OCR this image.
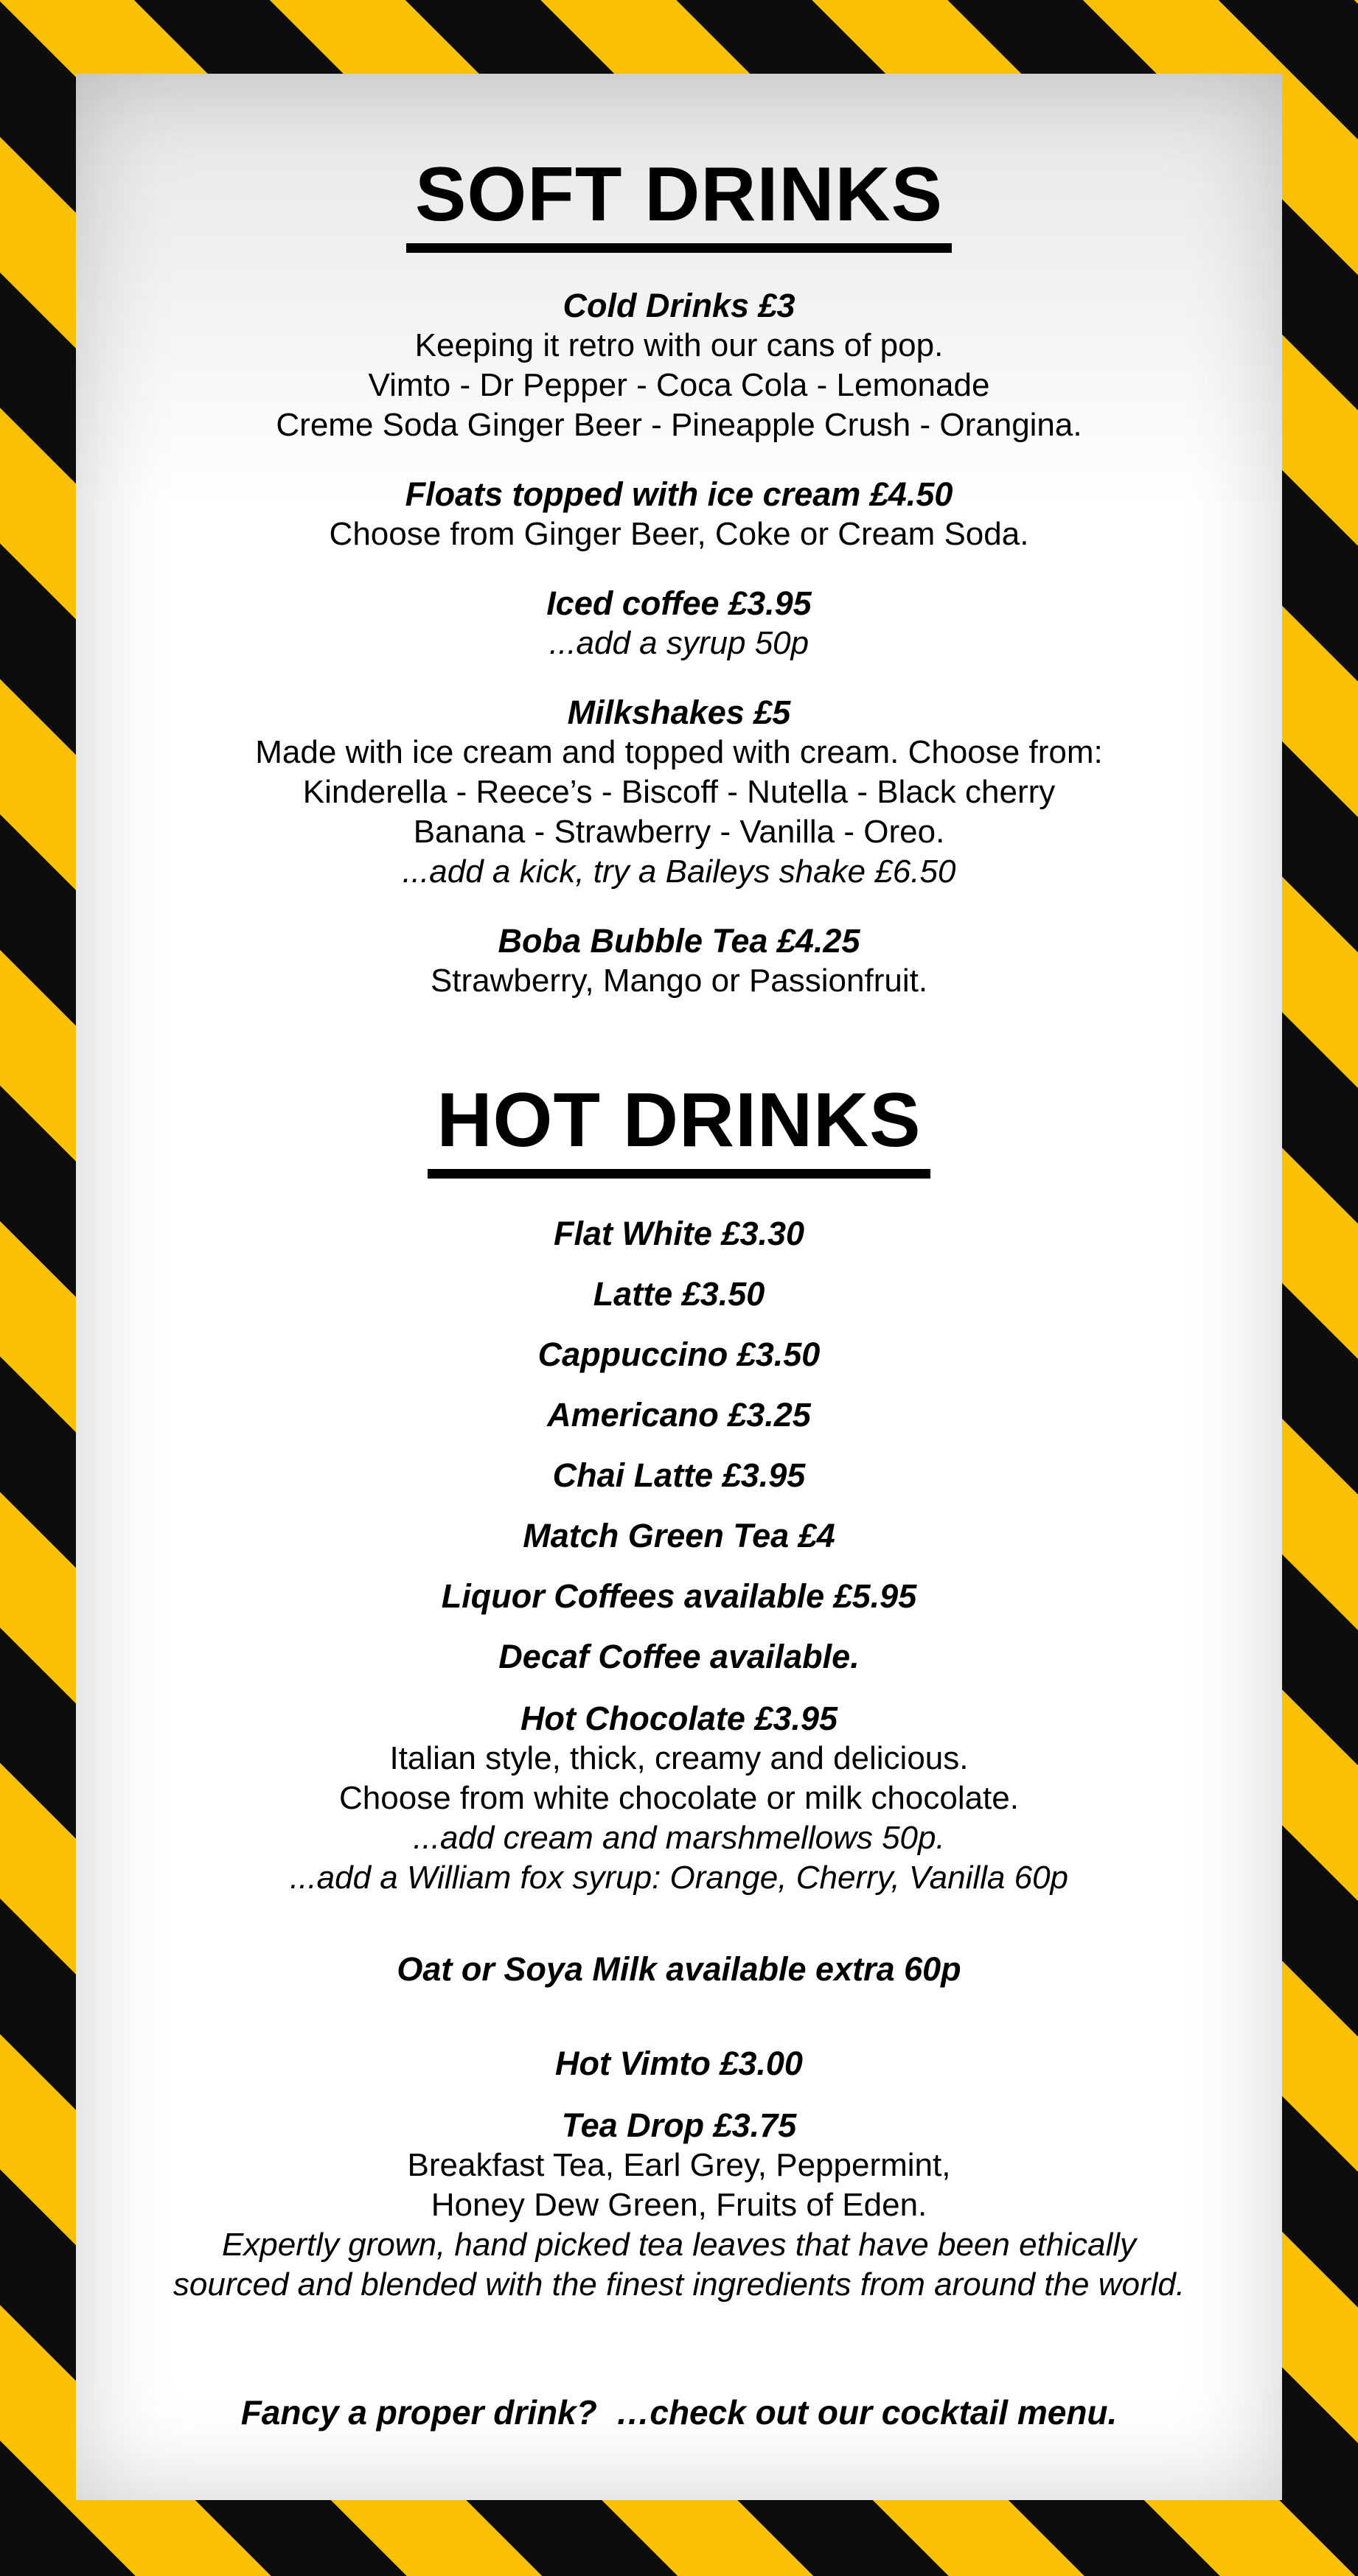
SOFT DRINKS
Cold Drinks £3

Keeping it retro with our cans of pop.

Vimto - Dr Pepper - Coca Cola - Lemonade

Creme Soda Ginger Beer - Pineapple Crush - Orangina.

Floats topped with ice cream £4.50

Choose from Ginger Beer, Coke or Cream Soda.

Iced coffee £3.95

...add a syrup 50p

Milkshakes £5

Made with ice cream and topped with cream. Choose from:

Kinderella - Reece’s - Biscoff - Nutella - Black cherry

Banana - Strawberry - Vanilla - Oreo.

...add a kick, try a Baileys shake £6.50

Boba Bubble Tea £4.25

Strawberry, Mango or Passionfruit.

HOT DRINKS

Flat White £3.30

Latte £3.50

Cappuccino £3.50

Americano £3.25

Chai Latte £3.95

Match Green Tea £4

Liquor Coffees available £5.95

Decaf Coffee available.

Hot Chocolate £3.95

Italian style, thick, creamy and delicious.

Choose from white chocolate or milk chocolate.

...add cream and marshmellows 50p.

...add a William fox syrup: Orange, Cherry, Vanilla 60p

Oat or Soya Milk available extra 60p

Hot Vimto £3.00

Tea Drop £3.75

Breakfast Tea, Earl Grey, Peppermint,

Honey Dew Green, Fruits of Eden.

Expertly grown, hand picked tea leaves that have been ethically

sourced and blended with the finest ingredients from around the world.

Fancy a proper drink?  …check out our cocktail menu.
